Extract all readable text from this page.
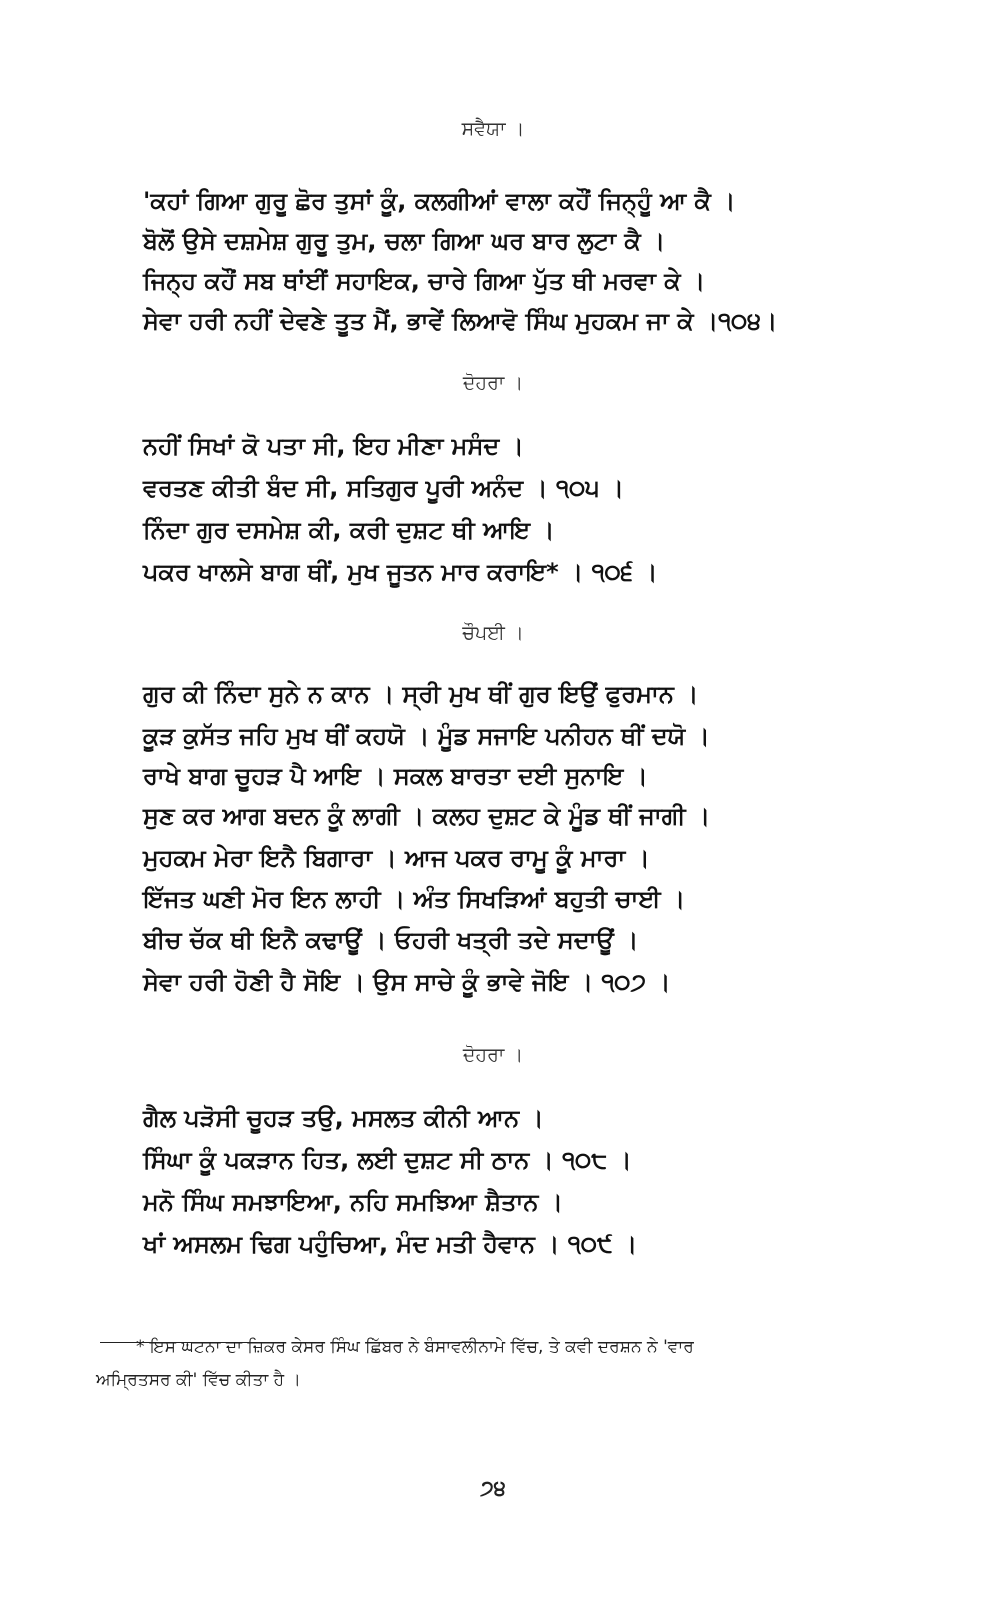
ਸਵੈਯਾ ।
'ਕਹਾਂ ਗਿਆ ਗੁਰੂ ਛੋਰ ਤੁਸਾਂ ਕੂੰ, ਕਲਗੀਆਂ ਵਾਲਾ ਕਹੌਂ ਜਿਨ੍ਹੂੰ ਆ ਕੈ ।
ਬੋਲੋਂ ਉਸੇ ਦਸ਼ਮੇਸ਼ ਗੁਰੂ ਤੁਮ, ਚਲਾ ਗਿਆ ਘਰ ਬਾਰ ਲੁਟਾ ਕੈ ।
ਜਿਨ੍ਹ ਕਹੌਂ ਸਬ ਥਾਂਈਂ ਸਹਾਇਕ, ਚਾਰੇ ਗਿਆ ਪੁੱਤ ਥੀ ਮਰਵਾ ਕੇ ।
ਸੇਵਾ ਹਰੀ ਨਹੀਂ ਦੇਵਣੇ ਤੂਤ ਮੈਂ, ਭਾਵੇਂ ਲਿਆਵੋ ਸਿੰਘ ਮੁਹਕਮ ਜਾ ਕੇ ।੧੦੪।
ਦੋਹਰਾ ।
ਨਹੀਂ ਸਿਖਾਂ ਕੋ ਪਤਾ ਸੀ, ਇਹ ਮੀਣਾ ਮਸੰਦ ।
ਵਰਤਣ ਕੀਤੀ ਬੰਦ ਸੀ, ਸਤਿਗੁਰ ਪੂਰੀ ਅਨੰਦ । ੧੦੫ ।
ਨਿੰਦਾ ਗੁਰ ਦਸਮੇਸ਼ ਕੀ, ਕਰੀ ਦੁਸ਼ਟ ਥੀ ਆਇ ।
ਪਕਰ ਖਾਲਸੇ ਬਾਗ ਥੀਂ, ਮੁਖ ਜੂਤਨ ਮਾਰ ਕਰਾਇ* । ੧੦੬ ।
ਚੌਪਈ ।
ਗੁਰ ਕੀ ਨਿੰਦਾ ਸੁਨੇ ਨ ਕਾਨ । ਸ੍ਰੀ ਮੁਖ ਥੀਂ ਗੁਰ ਇਉਂ ਫੁਰਮਾਨ ।
ਕੂੜ ਕੁਸੱਤ ਜਹਿ ਮੁਖ ਥੀਂ ਕਹਯੋ । ਮੂੰਡ ਸਜਾਇ ਪਨੀਹਨ ਥੀਂ ਦਯੋ ।
ਰਾਖੇ ਬਾਗ ਚੂਹੜ ਪੈ ਆਇ । ਸਕਲ ਬਾਰਤਾ ਦਈ ਸੁਨਾਇ ।
ਸੁਣ ਕਰ ਆਗ ਬਦਨ ਕੂੰ ਲਾਗੀ । ਕਲਹ ਦੁਸ਼ਟ ਕੇ ਮੂੰਡ ਥੀਂ ਜਾਗੀ ।
ਮੁਹਕਮ ਮੇਰਾ ਇਨੈ ਬਿਗਾਰਾ । ਆਜ ਪਕਰ ਰਾਮੂ ਕੂੰ ਮਾਰਾ ।
ਇੱਜਤ ਘਣੀ ਮੋਰ ਇਨ ਲਾਹੀ । ਅੰਤ ਸਿਖੜਿਆਂ ਬਹੁਤੀ ਚਾਈ ।
ਬੀਚ ਚੱਕ ਥੀ ਇਨੈ ਕਢਾਊਂ । ਓਹਰੀ ਖਤ੍ਰੀ ਤਦੇ ਸਦਾਊਂ ।
ਸੇਵਾ ਹਰੀ ਹੋਣੀ ਹੈ ਸੋਇ । ਉਸ ਸਾਚੇ ਕੂੰ ਭਾਵੇ ਜੋਇ । ੧੦੭ ।
ਦੋਹਰਾ ।
ਗੈਲ ਪੜੋਸੀ ਚੂਹੜ ਤਉ, ਮਸਲਤ ਕੀਨੀ ਆਨ ।
ਸਿੰਘਾ ਕੂੰ ਪਕੜਾਨ ਹਿਤ, ਲਈ ਦੁਸ਼ਟ ਸੀ ਠਾਨ । ੧੦੮ ।
ਮਨੋ ਸਿੰਘ ਸਮਝਾਇਆ, ਨਹਿ ਸਮਝਿਆ ਸ਼ੈਤਾਨ ।
ਖਾਂ ਅਸਲਮ ਢਿਗ ਪਹੁੰਚਿਆ, ਮੰਦ ਮਤੀ ਹੈਵਾਨ । ੧੦੯ ।
* ਇਸ ਘਟਨਾ ਦਾ ਜ਼ਿਕਰ ਕੇਸਰ ਸਿੰਘ ਛਿੱਬਰ ਨੇ ਬੰਸਾਵਲੀਨਾਮੇ ਵਿੱਚ, ਤੇ ਕਵੀ ਦਰਸ਼ਨ ਨੇ 'ਵਾਰ
ਅਮ੍ਰਿਤਸਰ ਕੀ' ਵਿੱਚ ਕੀਤਾ ਹੈ ।
੭੪
